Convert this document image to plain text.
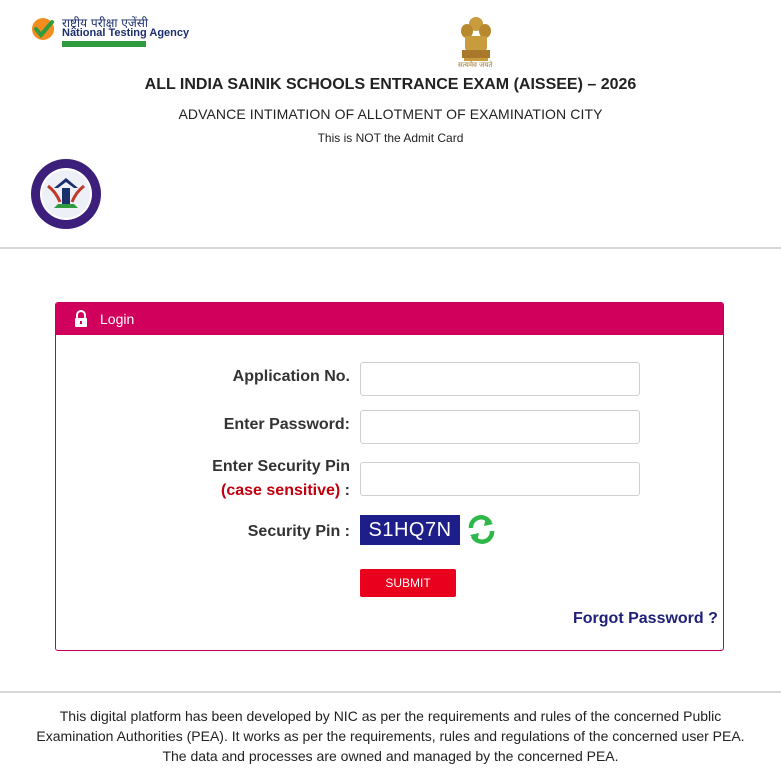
राष्ट्रीय परीक्षा एजेंसी
National Testing Agency
सत्यमेव जयते
ALL INDIA SAINIK SCHOOLS ENTRANCE EXAM (AISSEE) – 2026
ADVANCE INTIMATION OF ALLOTMENT OF EXAMINATION CITY
This is NOT the Admit Card
Login
Application No.
Enter Password:
Enter Security Pin
(case sensitive) :
Security Pin : S1HQ7N
SUBMIT
Forgot Password ?
This digital platform has been developed by NIC as per the requirements and rules of the concerned Public
Examination Authorities (PEA). It works as per the requirements, rules and regulations of the concerned user PEA.
The data and processes are owned and managed by the concerned PEA.
